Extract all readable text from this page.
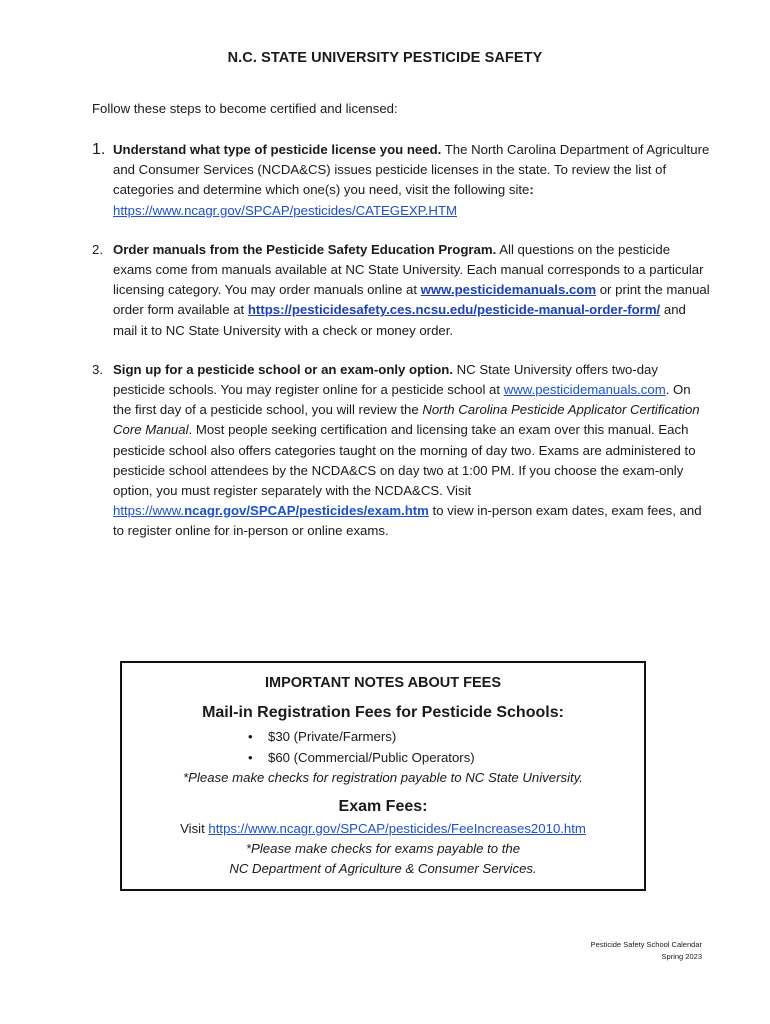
N.C. STATE UNIVERSITY PESTICIDE SAFETY
Follow these steps to become certified and licensed:
1. Understand what type of pesticide license you need. The North Carolina Department of Agriculture and Consumer Services (NCDA&CS) issues pesticide licenses in the state. To review the list of categories and determine which one(s) you need, visit the following site:
https://www.ncagr.gov/SPCAP/pesticides/CATEGEXP.HTM
2. Order manuals from the Pesticide Safety Education Program. All questions on the pesticide exams come from manuals available at NC State University. Each manual corresponds to a particular licensing category. You may order manuals online at www.pesticidemanuals.com or print the manual order form available at https://pesticidesafety.ces.ncsu.edu/pesticide-manual-order-form/ and mail it to NC State University with a check or money order.
3. Sign up for a pesticide school or an exam-only option. NC State University offers two-day pesticide schools. You may register online for a pesticide school at www.pesticidemanuals.com. On the first day of a pesticide school, you will review the North Carolina Pesticide Applicator Certification Core Manual. Most people seeking certification and licensing take an exam over this manual. Each pesticide school also offers categories taught on the morning of day two. Exams are administered to pesticide school attendees by the NCDA&CS on day two at 1:00 PM. If you choose the exam-only option, you must register separately with the NCDA&CS. Visit https://www.ncagr.gov/SPCAP/pesticides/exam.htm to view in-person exam dates, exam fees, and to register online for in-person or online exams.
IMPORTANT NOTES ABOUT FEES
Mail-in Registration Fees for Pesticide Schools:
• $30 (Private/Farmers)
• $60 (Commercial/Public Operators)
*Please make checks for registration payable to NC State University.
Exam Fees:
Visit https://www.ncagr.gov/SPCAP/pesticides/FeeIncreases2010.htm
*Please make checks for exams payable to the
NC Department of Agriculture & Consumer Services.
Pesticide Safety School Calendar
Spring 2023
